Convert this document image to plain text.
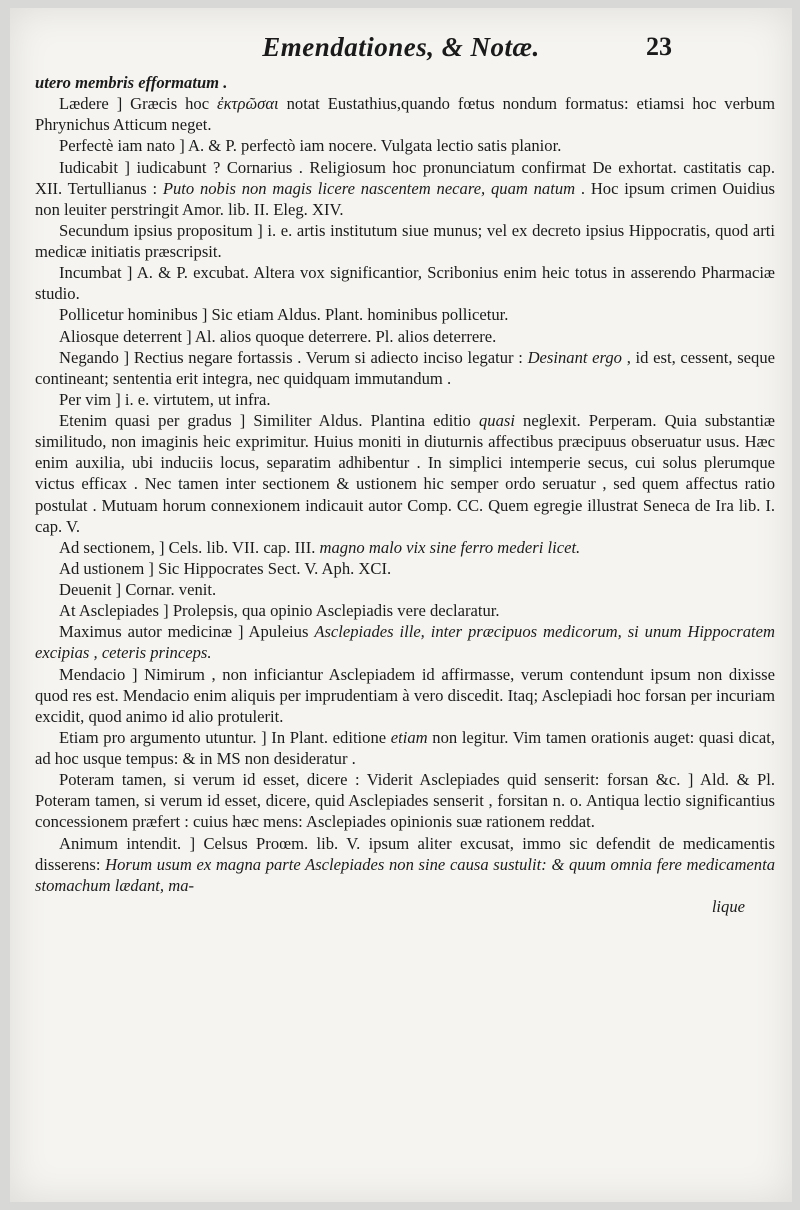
Emendationes, & Notæ.	23

utero membris efformatum .

Lædere ] Græcis hoc ἐκτρῶσαι notat Eustathius,quando fœtus nondum formatus: etiamsi hoc verbum Phrynichus Atticum neget.

Perfectè iam nato ] A. & P. perfectò iam nocere. Vulgata lectio satis planior.

Iudicabit ] iudicabunt ? Cornarius . Religiosum hoc pronunciatum confirmat De exhortat. castitatis cap. XII. Tertullianus : Puto nobis non magis licere nascentem necare, quam natum . Hoc ipsum crimen Ouidius non leuiter perstringit Amor. lib. II. Eleg. XIV.

Secundum ipsius propositum ] i. e. artis institutum siue munus; vel ex decreto ipsius Hippocratis, quod arti medicæ initiatis præscripsit.

Incumbat ] A. & P. excubat. Altera vox significantior, Scribonius enim heic totus in asserendo Pharmaciæ studio.

Pollicetur hominibus ] Sic etiam Aldus. Plant. hominibus pollicetur.

Aliosque deterrent ] Al. alios quoque deterrere. Pl. alios deterrere.

Negando ] Rectius negare fortassis . Verum si adiecto inciso legatur : Desinant ergo , id est, cessent, seque contineant; sententia erit integra, nec quidquam immutandum .

Per vim ] i. e. virtutem, ut infra.

Etenim quasi per gradus ] Similiter Aldus. Plantina editio quasi neglexit. Perperam. Quia substantiæ similitudo, non imaginis heic exprimitur. Huius moniti in diuturnis affectibus præcipuus obseruatur usus. Hæc enim auxilia, ubi induciis locus, separatim adhibentur . In simplici intemperie secus, cui solus plerumque victus efficax . Nec tamen inter sectionem & ustionem hic semper ordo seruatur , sed quem affectus ratio postulat . Mutuam horum connexionem indicauit autor Comp. CC. Quem egregie illustrat Seneca de Ira lib. I. cap. V.

Ad sectionem, ] Cels. lib. VII. cap. III. magno malo vix sine ferro mederi licet.

Ad ustionem ] Sic Hippocrates Sect. V. Aph. XCI.

Deuenit ] Cornar. venit.

At Asclepiades ] Prolepsis, qua opinio Asclepiadis vere declaratur.

Maximus autor medicinæ ] Apuleius Asclepiades ille, inter præcipuos medicorum, si unum Hippocratem excipias , ceteris princeps.

Mendacio ] Nimirum , non inficiantur Asclepiadem id affirmasse, verum contendunt ipsum non dixisse quod res est. Mendacio enim aliquis per imprudentiam à vero discedit. Itaq; Asclepiadi hoc forsan per incuriam excidit, quod animo id alio protulerit.

Etiam pro argumento utuntur. ] In Plant. editione etiam non legitur. Vim tamen orationis auget: quasi dicat, ad hoc usque tempus: & in MS non desideratur .

Poteram tamen, si verum id esset, dicere : Viderit Asclepiades quid senserit: forsan &c. ] Ald. & Pl. Poteram tamen, si verum id esset, dicere, quid Asclepiades senserit , forsitan n. o. Antiqua lectio significantius concessionem præfert : cuius hæc mens: Asclepiades opinionis suæ rationem reddat.

Animum intendit. ] Celsus Proœm. lib. V. ipsum aliter excusat, immo sic defendit de medicamentis disserens: Horum usum ex magna parte Asclepiades non sine causa sustulit: & quum omnia fere medicamenta stomachum lædant, ma-

lique
